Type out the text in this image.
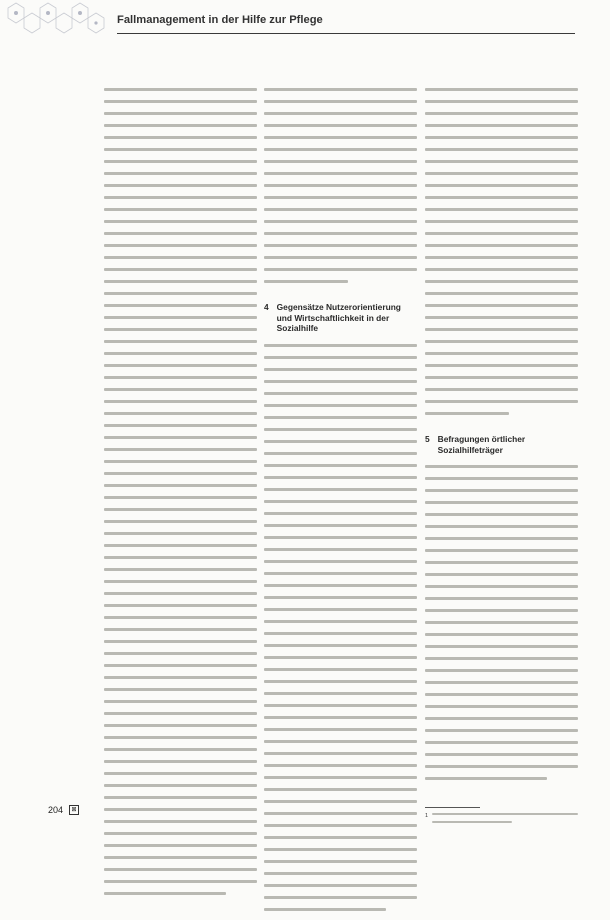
Fallmanagement in der Hilfe zur Pflege
4 Gegensätze Nutzerorientierung und Wirtschaftlichkeit in der Sozialhilfe
5 Befragungen örtlicher Sozialhilfeträger
1
204	⊠
